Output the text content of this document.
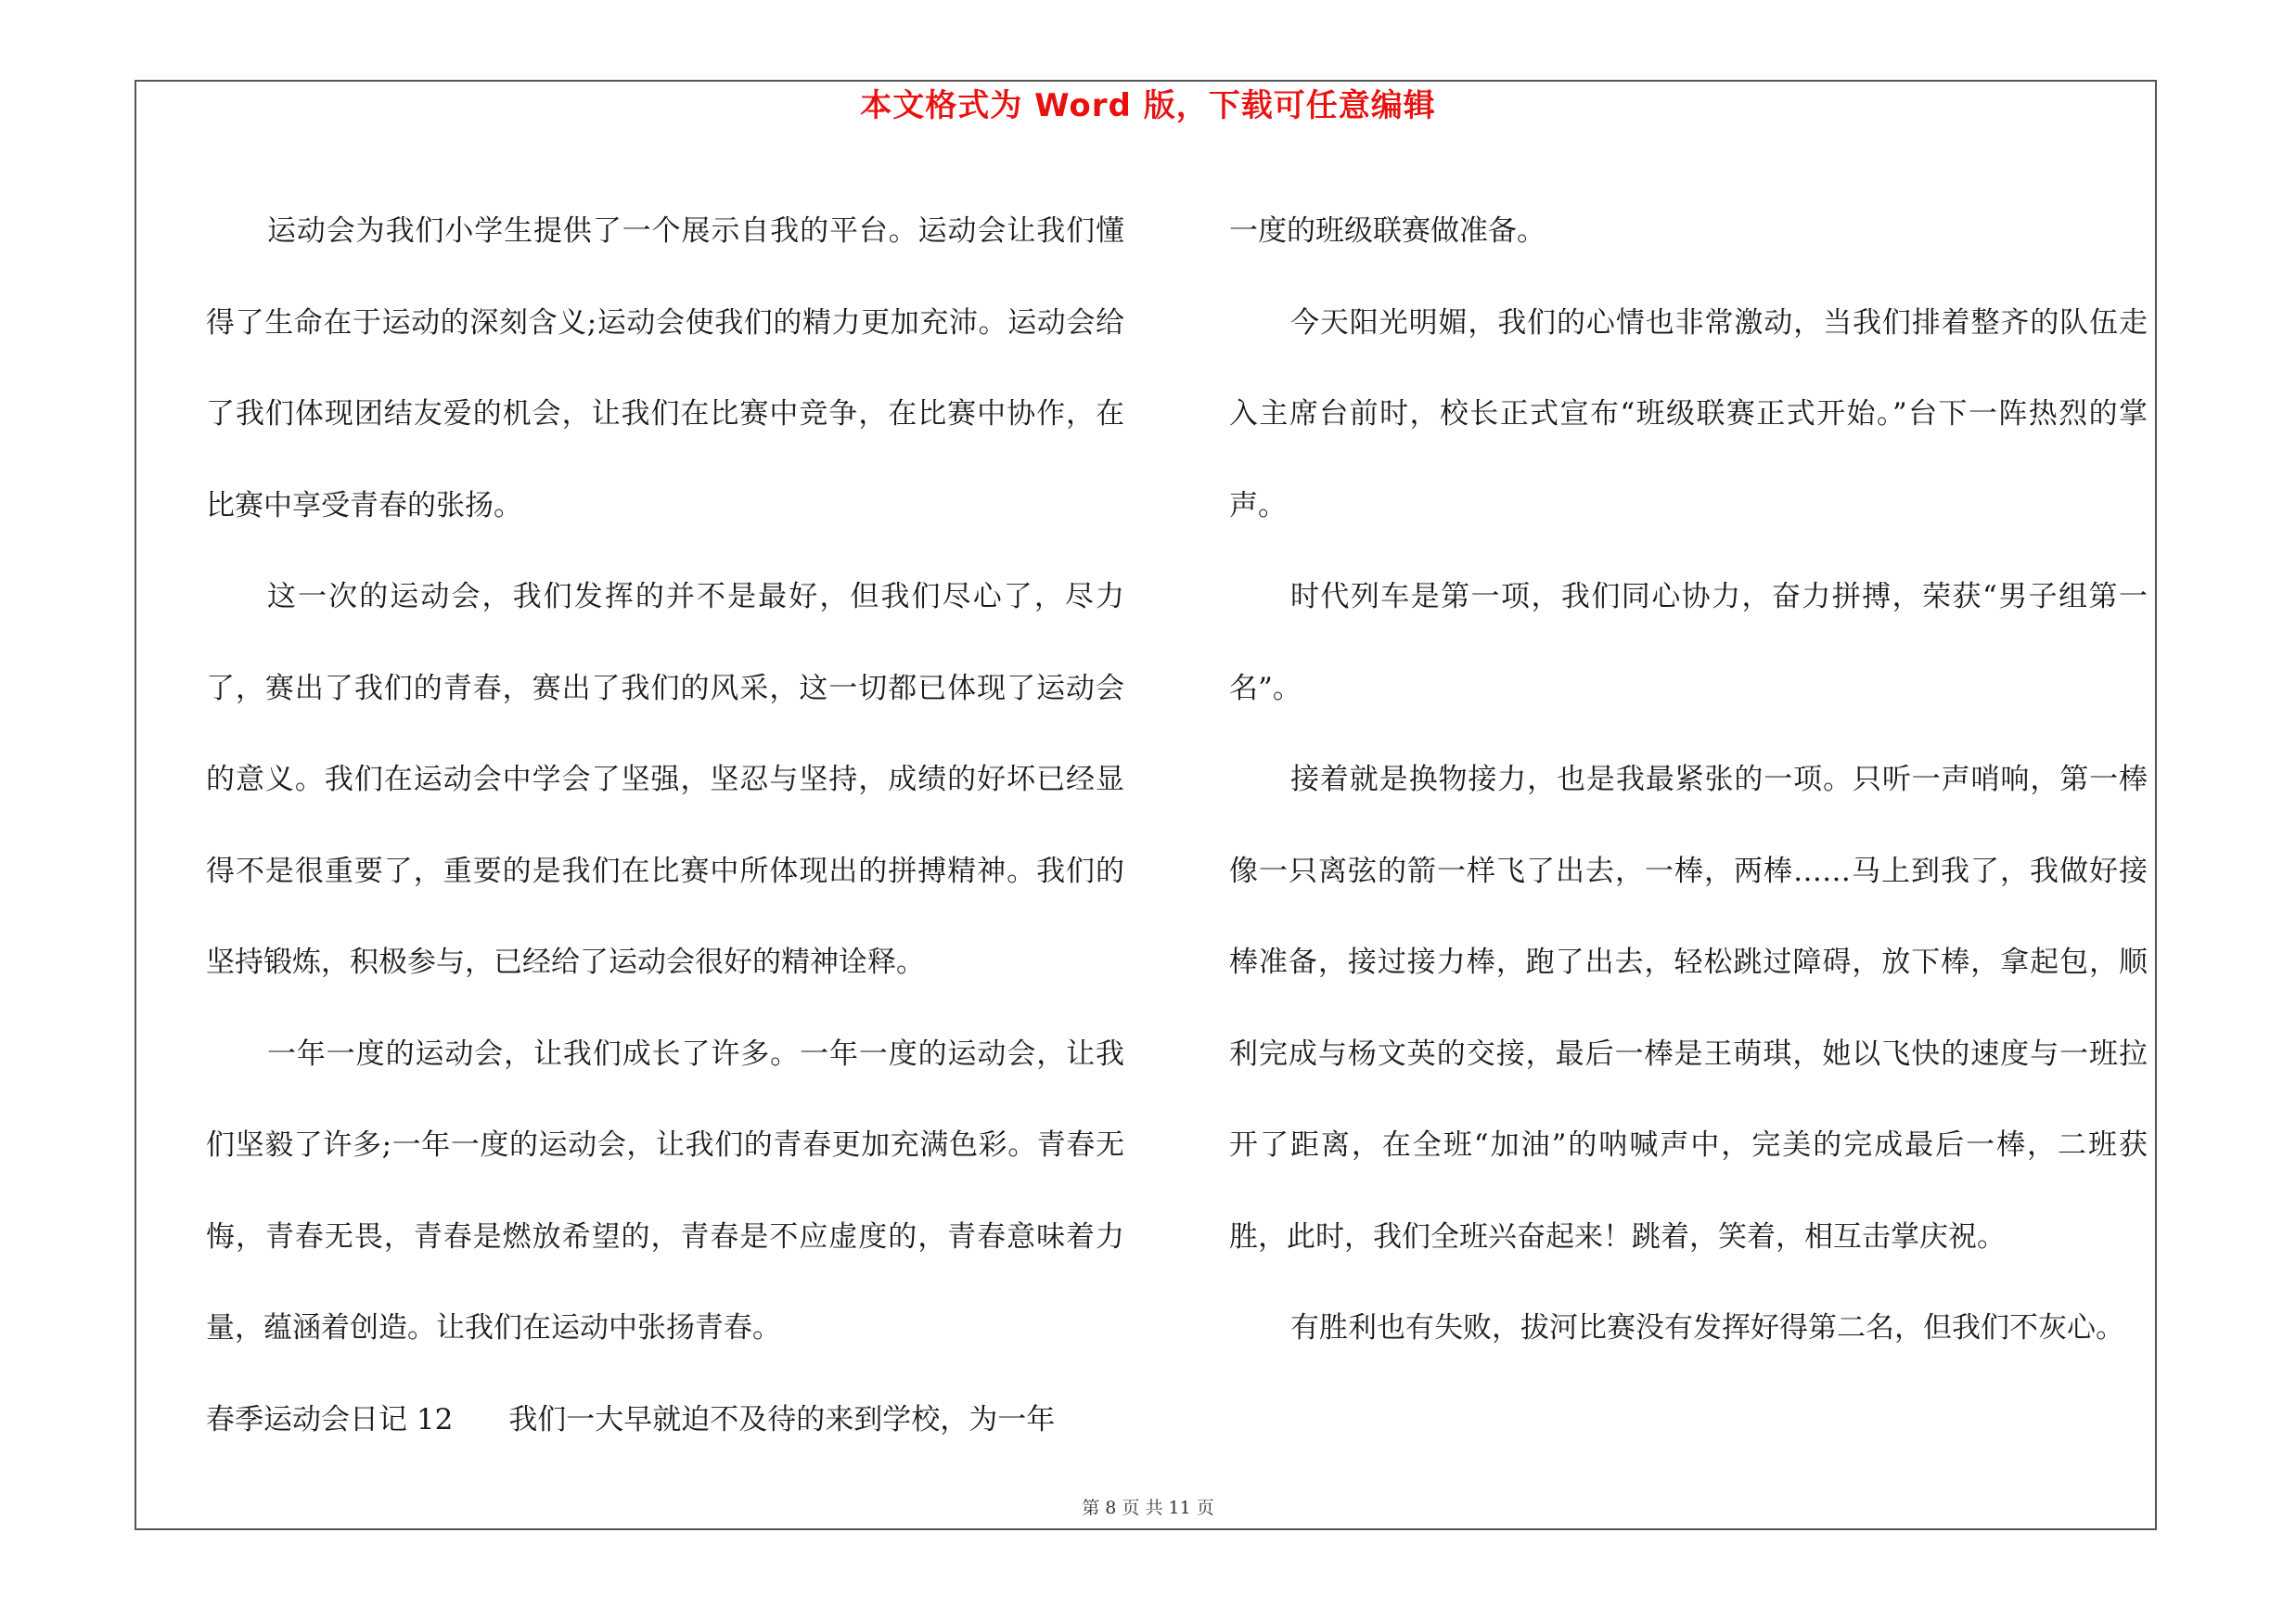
本文格式为 Word 版，下载可任意编辑

运动会为我们小学生提供了一个展示自我的平台。运动会让我们懂得了生命在于运动的深刻含义;运动会使我们的精力更加充沛。运动会给了我们体现团结友爱的机会，让我们在比赛中竞争，在比赛中协作，在比赛中享受青春的张扬。

这一次的运动会，我们发挥的并不是最好，但我们尽心了，尽力了，赛出了我们的青春，赛出了我们的风采，这一切都已体现了运动会的意义。我们在运动会中学会了坚强，坚忍与坚持，成绩的好坏已经显得不是很重要了，重要的是我们在比赛中所体现出的拼搏精神。我们的坚持锻炼，积极参与，已经给了运动会很好的精神诠释。

一年一度的运动会，让我们成长了许多。一年一度的运动会，让我们坚毅了许多;一年一度的运动会，让我们的青春更加充满色彩。青春无悔，青春无畏，青春是燃放希望的，青春是不应虚度的，青春意味着力量，蕴涵着创造。让我们在运动中张扬青春。

春季运动会日记 12 我们一大早就迫不及待的来到学校，为一年

一度的班级联赛做准备。

今天阳光明媚，我们的心情也非常激动，当我们排着整齐的队伍走入主席台前时，校长正式宣布“班级联赛正式开始。”台下一阵热烈的掌声。

时代列车是第一项，我们同心协力，奋力拼搏，荣获“男子组第一名”。

接着就是换物接力，也是我最紧张的一项。只听一声哨响，第一棒像一只离弦的箭一样飞了出去，一棒，两棒……马上到我了，我做好接棒准备，接过接力棒，跑了出去，轻松跳过障碍，放下棒，拿起包，顺利完成与杨文英的交接，最后一棒是王萌琪，她以飞快的速度与一班拉开了距离，在全班“加油”的呐喊声中，完美的完成最后一棒，二班获胜，此时，我们全班兴奋起来！跳着，笑着，相互击掌庆祝。

有胜利也有失败，拔河比赛没有发挥好得第二名，但我们不灰心。

第 8 页 共 11 页
